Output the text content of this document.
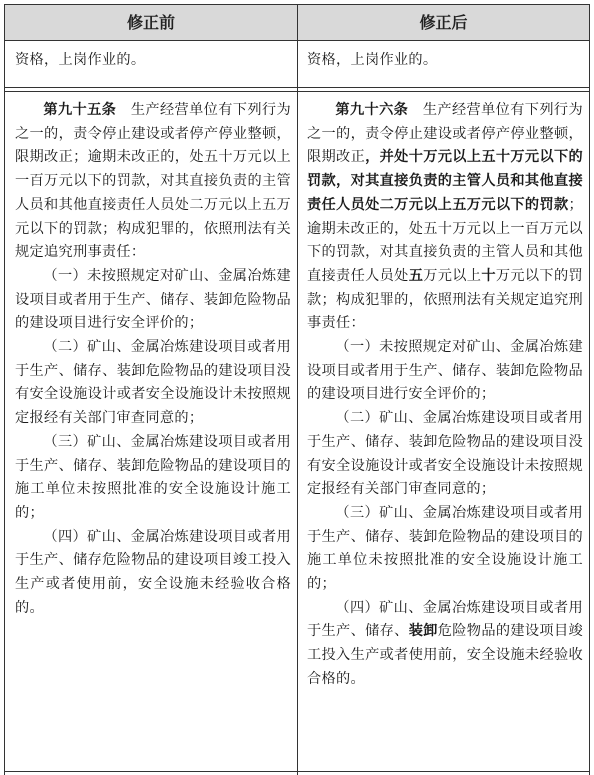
修正前	修正后

资格，上岗作业的。	资格，上岗作业的。

第九十五条　 生产经营单位有下列行为之一的，责令停止建设或者停产停业整顿，限期改正；逾期未改正的，处五十万元以上一百万元以下的罚款，对其直接负责的主管人员和其他直接责任人员处二万元以上五万元以下的罚款；构成犯罪的，依照刑法有关规定追究刑事责任：

（一）未按照规定对矿山、金属冶炼建设项目或者用于生产、储存、装卸危险物品的建设项目进行安全评价的；

（二）矿山、金属冶炼建设项目或者用于生产、储存、装卸危险物品的建设项目没有安全设施设计或者安全设施设计未按照规定报经有关部门审查同意的；

（三）矿山、金属冶炼建设项目或者用于生产、储存、装卸危险物品的建设项目的施工单位未按照批准的安全设施设计施工的；

（四）矿山、金属冶炼建设项目或者用于生产、储存危险物品的建设项目竣工投入生产或者使用前，安全设施未经验收合格的。

第九十六条　 生产经营单位有下列行为之一的，责令停止建设或者停产停业整顿，限期改正，并处十万元以上五十万元以下的罚款，对其直接负责的主管人员和其他直接责任人员处二万元以上五万元以下的罚款；逾期未改正的，处五十万元以上一百万元以下的罚款，对其直接负责的主管人员和其他直接责任人员处五万元以上十万元以下的罚款；构成犯罪的，依照刑法有关规定追究刑事责任：

（一）未按照规定对矿山、金属冶炼建设项目或者用于生产、储存、装卸危险物品的建设项目进行安全评价的；

（二）矿山、金属冶炼建设项目或者用于生产、储存、装卸危险物品的建设项目没有安全设施设计或者安全设施设计未按照规定报经有关部门审查同意的；

（三）矿山、金属冶炼建设项目或者用于生产、储存、装卸危险物品的建设项目的施工单位未按照批准的安全设施设计施工的；

（四）矿山、金属冶炼建设项目或者用于生产、储存、装卸危险物品的建设项目竣工投入生产或者使用前，安全设施未经验收合格的。
